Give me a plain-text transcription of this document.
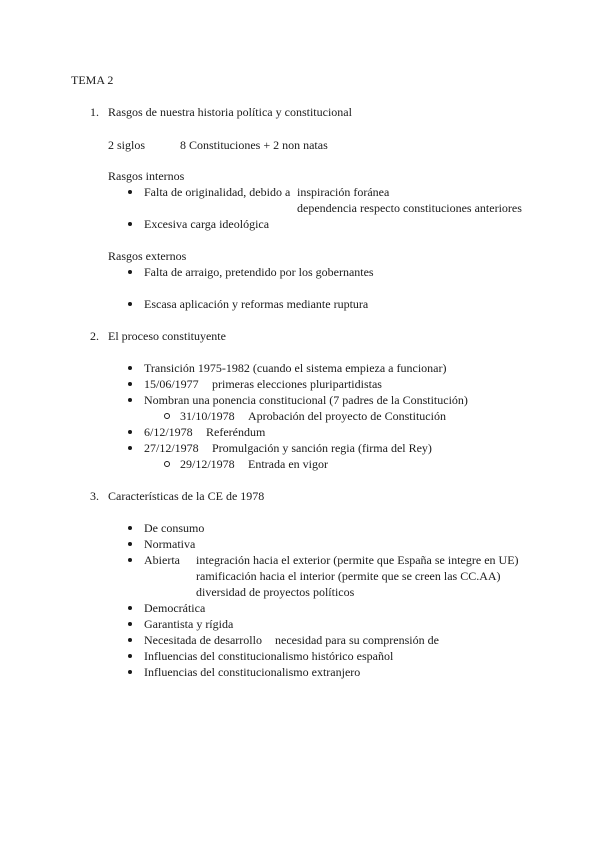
TEMA 2
1. Rasgos de nuestra historia política y constitucional
2 siglos	8 Constituciones + 2 non natas
Rasgos internos
Falta de originalidad, debido a inspiración foránea
dependencia respecto constituciones anteriores
Excesiva carga ideológica
Rasgos externos
Falta de arraigo, pretendido por los gobernantes
Escasa aplicación y reformas mediante ruptura
2. El proceso constituyente
Transición 1975-1982 (cuando el sistema empieza a funcionar)
15/06/1977 primeras elecciones pluripartidistas
Nombran una ponencia constitucional (7 padres de la Constitución)
31/10/1978 Aprobación del proyecto de Constitución
6/12/1978 Referéndum
27/12/1978 Promulgación y sanción regia (firma del Rey)
29/12/1978 Entrada en vigor
3. Características de la CE de 1978
De consumo
Normativa
Abierta integración hacia el exterior (permite que España se integre en UE)
ramificación hacia el interior (permite que se creen las CC.AA)
diversidad de proyectos políticos
Democrática
Garantista y rígida
Necesitada de desarrollo necesidad para su comprensión de
Influencias del constitucionalismo histórico español
Influencias del constitucionalismo extranjero
